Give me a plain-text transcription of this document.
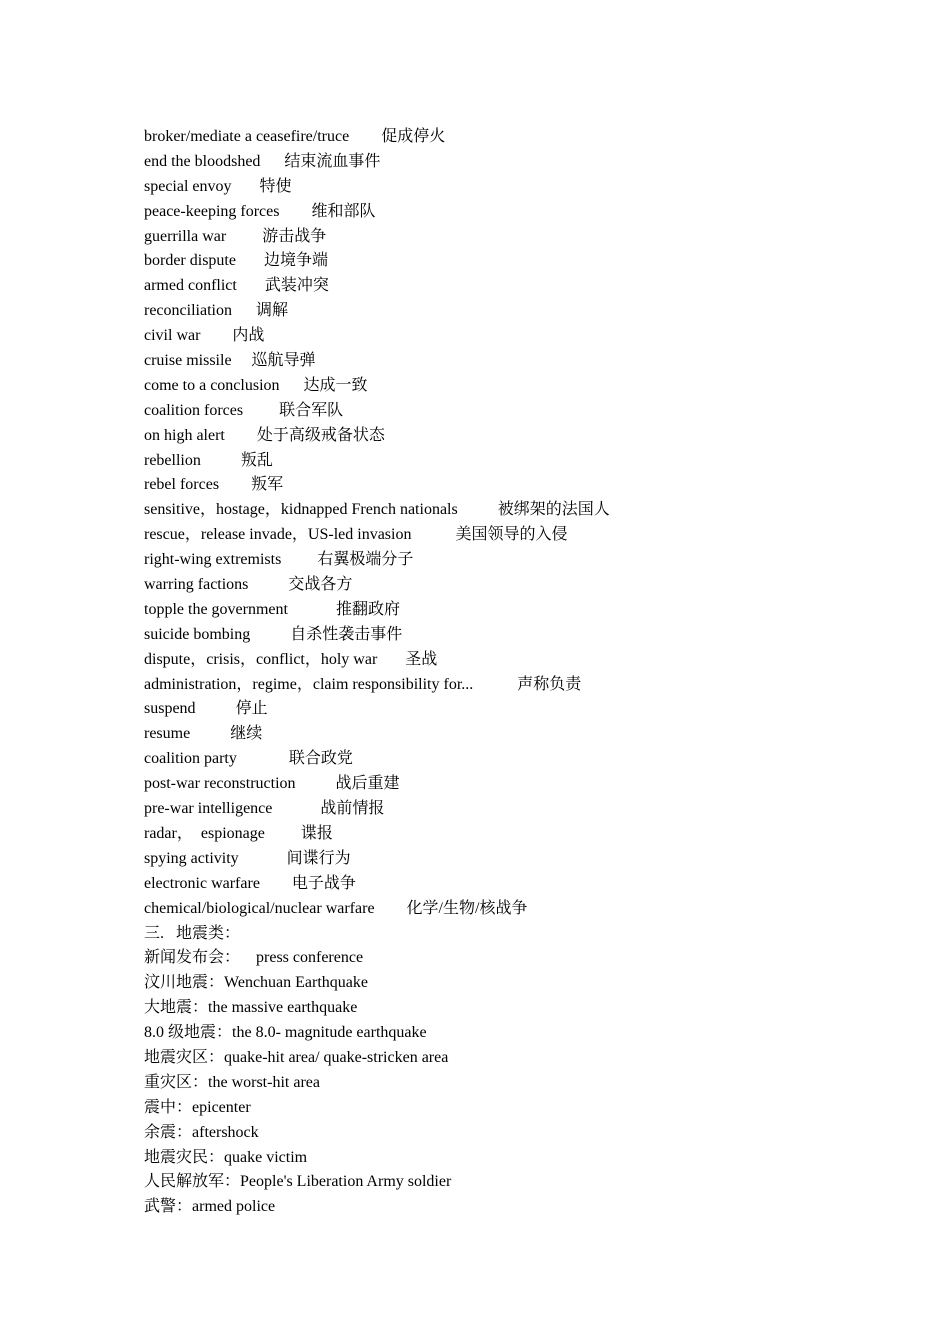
broker/mediate a ceasefire/truce 促成停火
end the bloodshed 结束流血事件
special envoy 特使
peace-keeping forces 维和部队
guerrilla war 游击战争
border dispute 边境争端
armed conflict 武装冲突
reconciliation 调解
civil war 内战
cruise missile 巡航导弹
come to a conclusion 达成一致
coalition forces 联合军队
on high alert 处于高级戒备状态
rebellion	叛乱
rebel forces 叛军
sensitive，hostage，kidnapped French nationals	被绑架的法国人
rescue，release invade，US-led invasion	美国领导的入侵
right-wing extremists 右翼极端分子
warring factions	交战各方
topple the government	推翻政府
suicide bombing	自杀性袭击事件
dispute，crisis，conflict，holy war 圣战
administration，regime，claim responsibility for...	声称负责
suspend	停止
resume	继续
coalition party	联合政党
post-war reconstruction	战后重建
pre-war intelligence	战前情报
radar，  espionage 谍报
spying activity	间谍行为
electronic warfare 电子战争
chemical/biological/nuclear warfare 化学/生物/核战争
三.   地震类：
新闻发布会： press conference
汶川地震：Wenchuan Earthquake
大地震：the massive earthquake
8.0 级地震：the 8.0- magnitude earthquake
地震灾区：quake-hit area/ quake-stricken area
重灾区：the worst-hit area
震中：epicenter
余震：aftershock
地震灾民：quake victim
人民解放军：People's Liberation Army soldier
武警：armed police
